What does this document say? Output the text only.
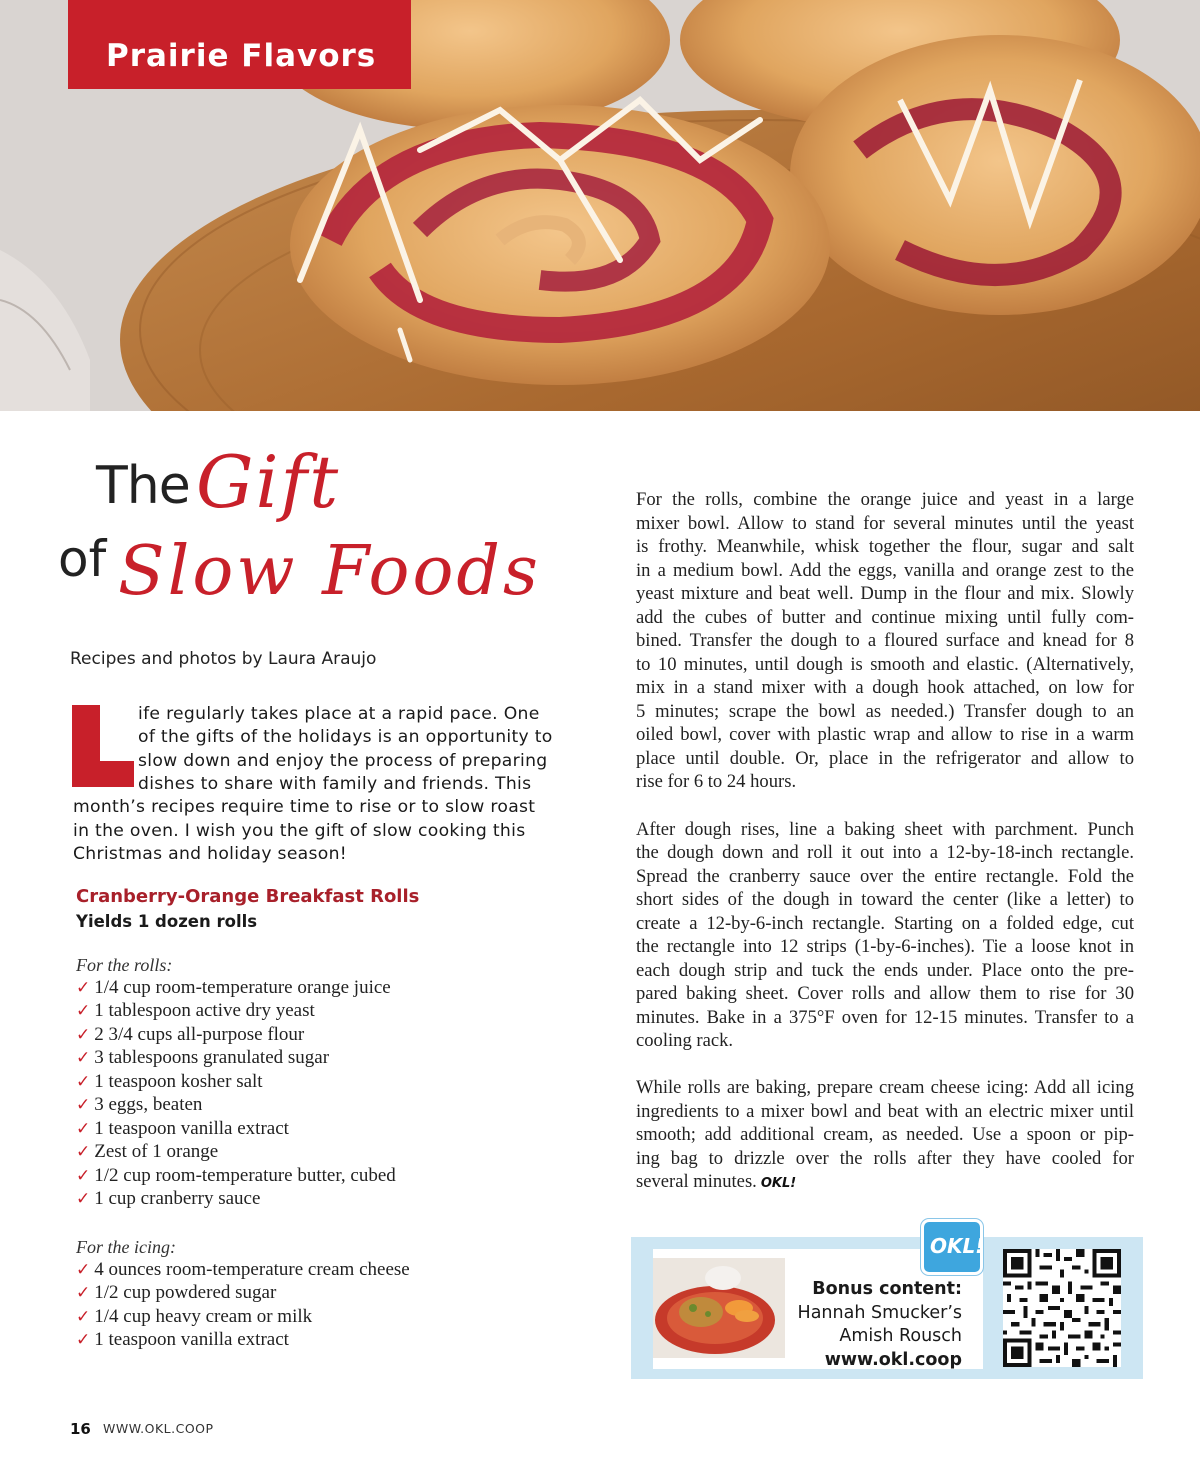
Prairie Flavors
The Gift
of Slow Foods
Recipes and photos by Laura Araujo
ife regularly takes place at a rapid pace. One
of the gifts of the holidays is an opportunity to
slow down and enjoy the process of preparing
dishes to share with family and friends. This
month’s recipes require time to rise or to slow roast
in the oven. I wish you the gift of slow cooking this
Christmas and holiday season!
Cranberry-Orange Breakfast Rolls
Yields 1 dozen rolls
For the rolls:
✓ 1/4 cup room-temperature orange juice
✓ 1 tablespoon active dry yeast
✓ 2 3/4 cups all-purpose flour
✓ 3 tablespoons granulated sugar
✓ 1 teaspoon kosher salt
✓ 3 eggs, beaten
✓ 1 teaspoon vanilla extract
✓ Zest of 1 orange
✓ 1/2 cup room-temperature butter, cubed
✓ 1 cup cranberry sauce
For the icing:
✓ 4 ounces room-temperature cream cheese
✓ 1/2 cup powdered sugar
✓ 1/4 cup heavy cream or milk
✓ 1 teaspoon vanilla extract
For the rolls, combine the orange juice and yeast in a large
mixer bowl. Allow to stand for several minutes until the yeast
is frothy. Meanwhile, whisk together the flour, sugar and salt
in a medium bowl. Add the eggs, vanilla and orange zest to the
yeast mixture and beat well. Dump in the flour and mix. Slowly
add the cubes of butter and continue mixing until fully com-
bined. Transfer the dough to a floured surface and knead for 8
to 10 minutes, until dough is smooth and elastic. (Alternatively,
mix in a stand mixer with a dough hook attached, on low for
5 minutes; scrape the bowl as needed.) Transfer dough to an
oiled bowl, cover with plastic wrap and allow to rise in a warm
place until double. Or, place in the refrigerator and allow to
rise for 6 to 24 hours.
After dough rises, line a baking sheet with parchment. Punch
the dough down and roll it out into a 12-by-18-inch rectangle.
Spread the cranberry sauce over the entire rectangle. Fold the
short sides of the dough in toward the center (like a letter) to
create a 12-by-6-inch rectangle. Starting on a folded edge, cut
the rectangle into 12 strips (1-by-6-inches). Tie a loose knot in
each dough strip and tuck the ends under. Place onto the pre-
pared baking sheet. Cover rolls and allow them to rise for 30
minutes. Bake in a 375°F oven for 12-15 minutes. Transfer to a
cooling rack.
While rolls are baking, prepare cream cheese icing: Add all icing
ingredients to a mixer bowl and beat with an electric mixer until
smooth; add additional cream, as needed. Use a spoon or pip-
ing bag to drizzle over the rolls after they have cooled for
several minutes. OKL!
OKL!
Bonus content:
Hannah Smucker’s
Amish Rousch
www.okl.coop
16 WWW.OKL.COOP
